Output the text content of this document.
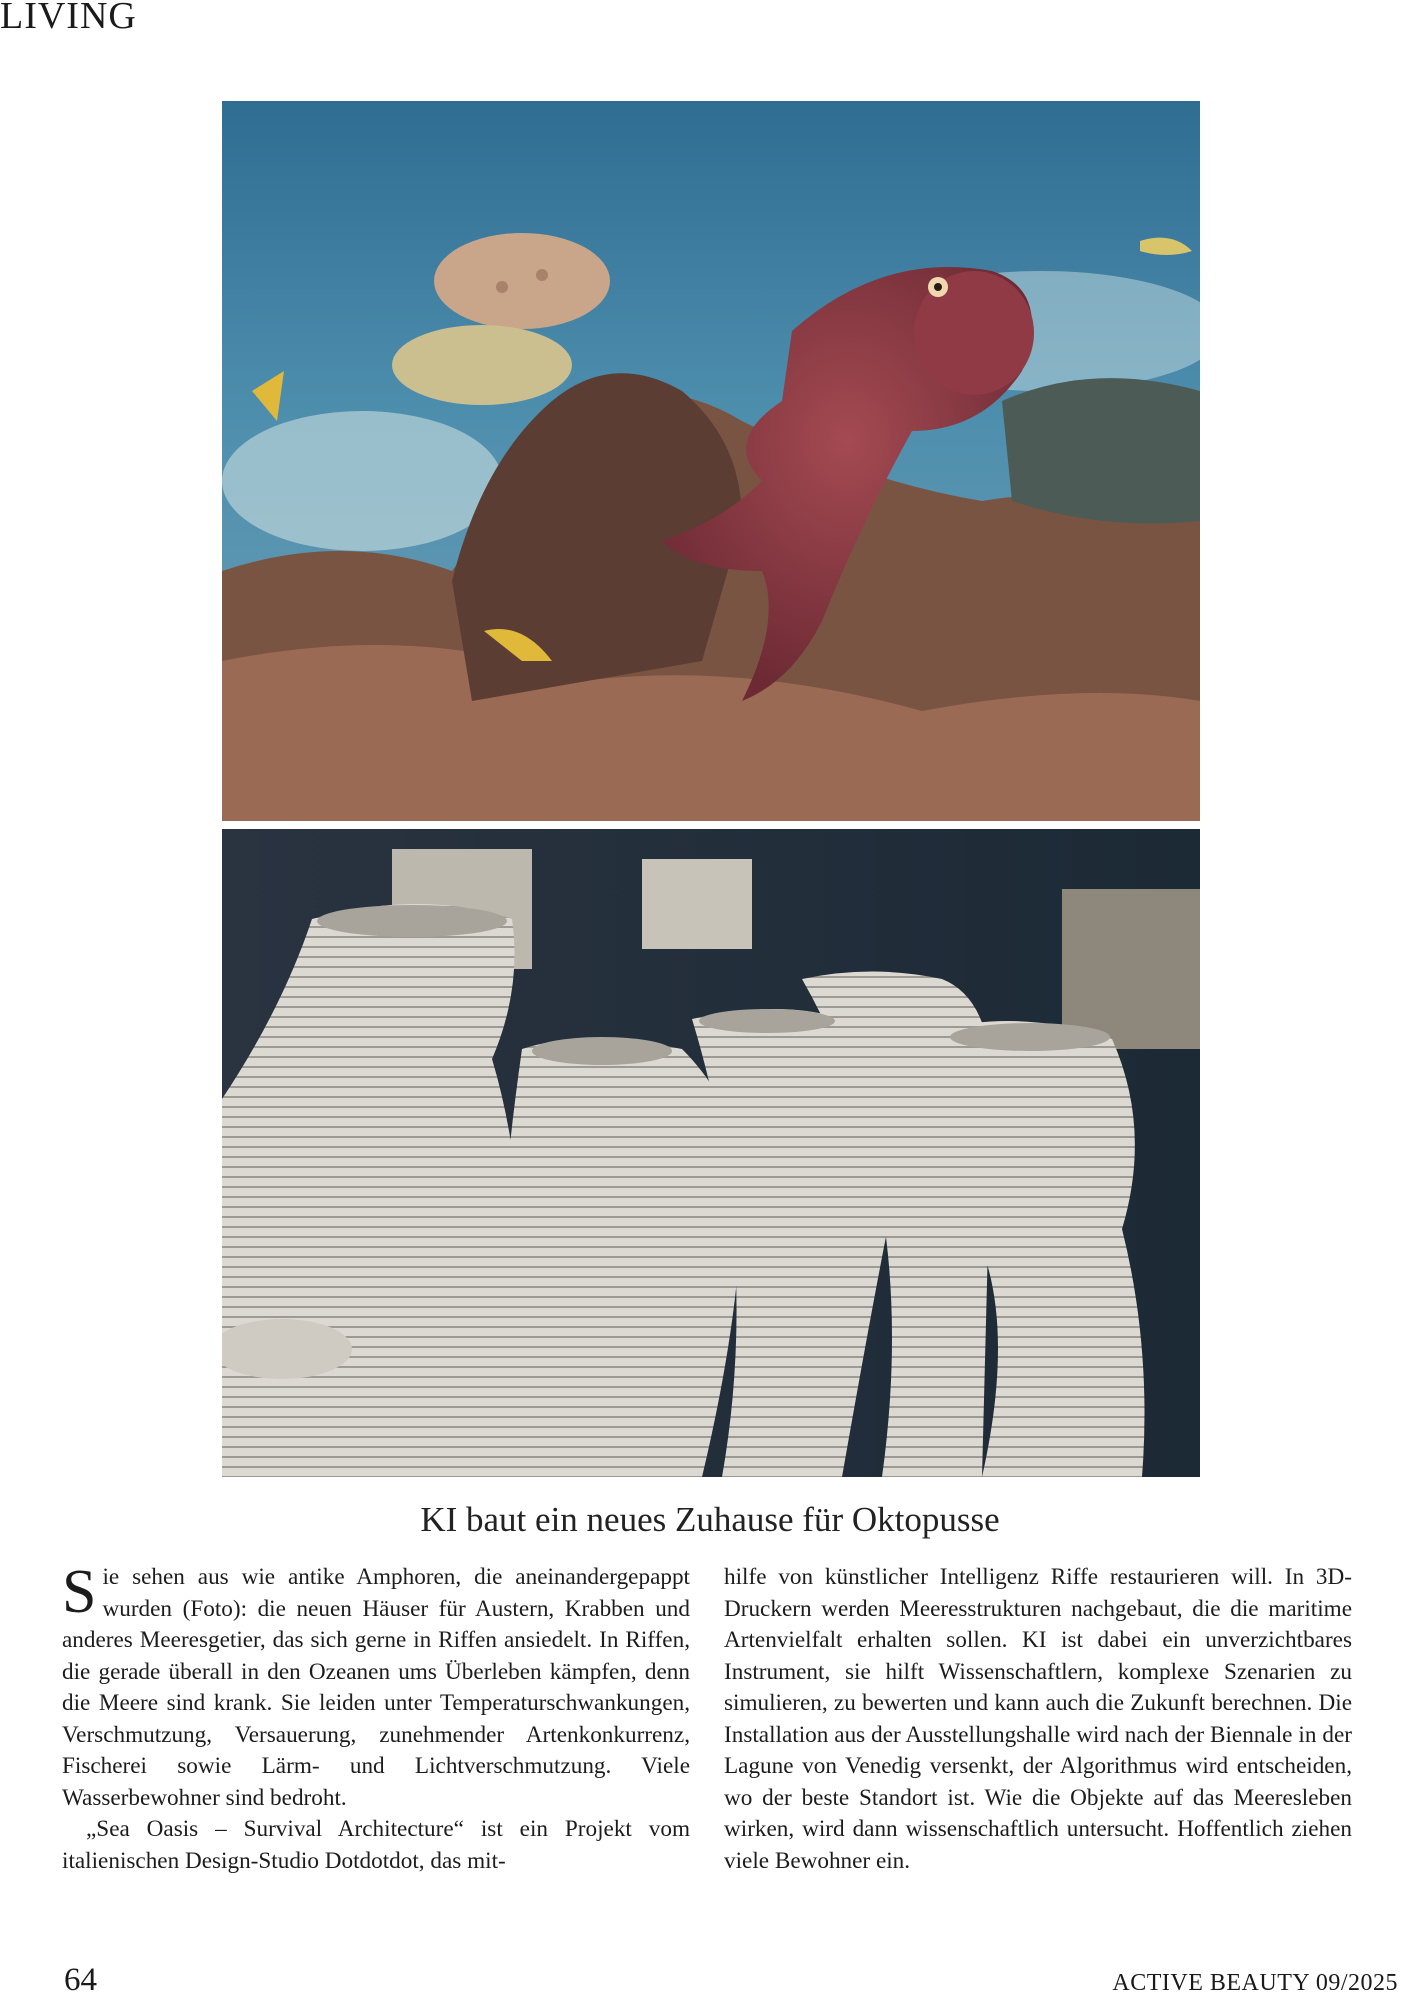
LIVING
KI baut ein neues Zuhause für Oktopusse

Sie sehen aus wie antike Amphoren, die aneinandergepappt wurden (Foto): die neuen Häuser für Austern, Krabben und anderes Meeresgetier, das sich gerne in Riffen ansiedelt. In Riffen, die gerade überall in den Ozeanen ums Überleben kämpfen, denn die Meere sind krank. Sie leiden unter Temperaturschwankungen, Verschmutzung, Versauerung, zunehmender Artenkonkurrenz, Fischerei sowie Lärm- und Lichtverschmutzung. Viele Wasserbewohner sind bedroht.

„Sea Oasis – Survival Architecture“ ist ein Projekt vom italienischen Design-Studio Dotdotdot, das mit-

hilfe von künstlicher Intelligenz Riffe restaurieren will. In 3D-Druckern werden Meeresstrukturen nachgebaut, die die maritime Artenvielfalt erhalten sollen. KI ist dabei ein unverzichtbares Instrument, sie hilft Wissenschaftlern, komplexe Szenarien zu simulieren, zu bewerten und kann auch die Zukunft berechnen. Die Installation aus der Ausstellungshalle wird nach der Biennale in der Lagune von Venedig versenkt, der Algorithmus wird entscheiden, wo der beste Standort ist. Wie die Objekte auf das Meeresleben wirken, wird dann wissenschaftlich untersucht. Hoffentlich ziehen viele Bewohner ein.

64	ACTIVE BEAUTY 09/2025
